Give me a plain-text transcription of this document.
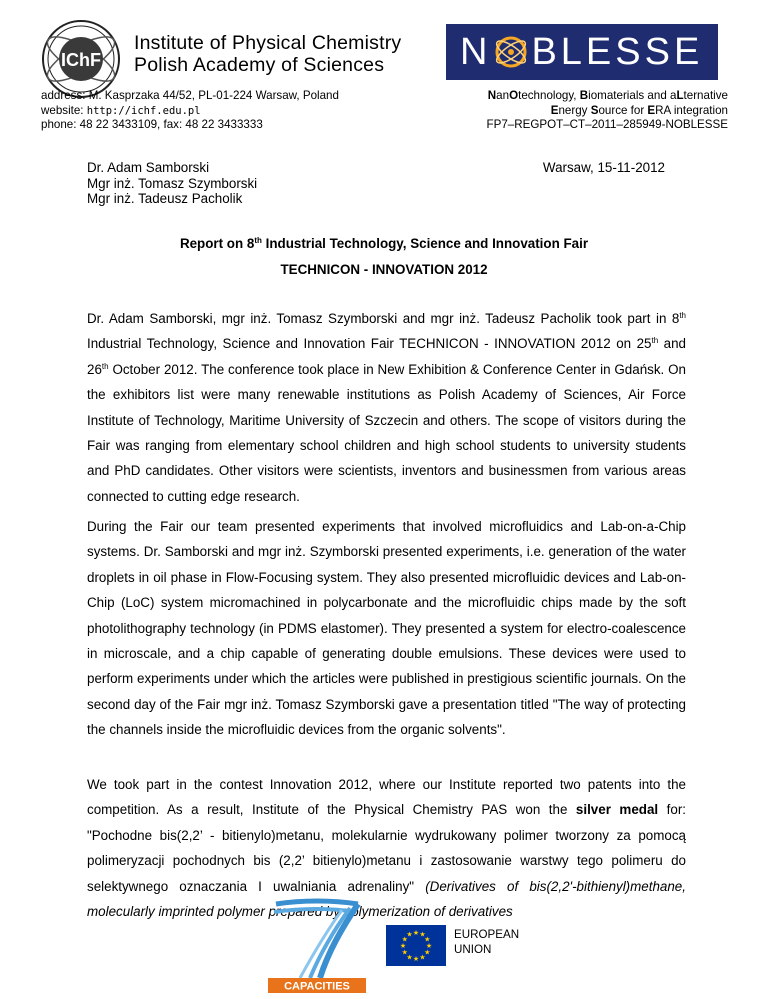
IChF
Institute of Physical Chemistry
Polish Academy of Sciences
address: M. Kasprzaka 44/52, PL-01-224 Warsaw, Poland
website: http://ichf.edu.pl
phone: 48 22 3433109, fax: 48 22 3433333
N BLESSE
NanOtechnology, Biomaterials and aLternative
Energy Source for ERA integration
FP7–REGPOT–CT–2011–285949-NOBLESSE
Dr. Adam Samborski
Mgr inż. Tomasz Szymborski
Mgr inż. Tadeusz Pacholik
Warsaw, 15-11-2012
Report on 8th Industrial Technology, Science and Innovation Fair
TECHNICON - INNOVATION 2012
Dr. Adam Samborski, mgr inż. Tomasz Szymborski and mgr inż. Tadeusz Pacholik took part in 8th Industrial Technology, Science and Innovation Fair TECHNICON - INNOVATION 2012 on 25th and 26th October 2012. The conference took place in New Exhibition & Conference Center in Gdańsk. On the exhibitors list were many renewable institutions as Polish Academy of Sciences, Air Force Institute of Technology, Maritime University of Szczecin and others. The scope of visitors during the Fair was ranging from elementary school children and high school students to university students and PhD candidates. Other visitors were scientists, inventors and businessmen from various areas connected to cutting edge research.
During the Fair our team presented experiments that involved microfluidics and Lab-on-a-Chip systems. Dr. Samborski and mgr inż. Szymborski presented experiments, i.e. generation of the water droplets in oil phase in Flow-Focusing system. They also presented microfluidic devices and Lab-on-Chip (LoC) system micromachined in polycarbonate and the microfluidic chips made by the soft photolithography technology (in PDMS elastomer). They presented a system for electro-coalescence in microscale, and a chip capable of generating double emulsions. These devices were used to perform experiments under which the articles were published in prestigious scientific journals. On the second day of the Fair mgr inż. Tomasz Szymborski gave a presentation titled "The way of protecting the channels inside the microfluidic devices from the organic solvents".
We took part in the contest Innovation 2012, where our Institute reported two patents into the competition. As a result, Institute of the Physical Chemistry PAS won the silver medal for: "Pochodne bis(2,2’ - bitienylo)metanu, molekularnie wydrukowany polimer tworzony za pomocą polimeryzacji pochodnych bis (2,2’ bitienylo)metanu i zastosowanie warstwy tego polimeru do selektywnego oznaczania I uwalniania adrenaliny" (Derivatives of bis(2,2'-bithienyl)methane, molecularly imprinted polymer prepared by polymerization of derivatives
CAPACITIES
★ ★
★
★
★
★
★
★
★
★
★
★	EUROPEAN
UNION
